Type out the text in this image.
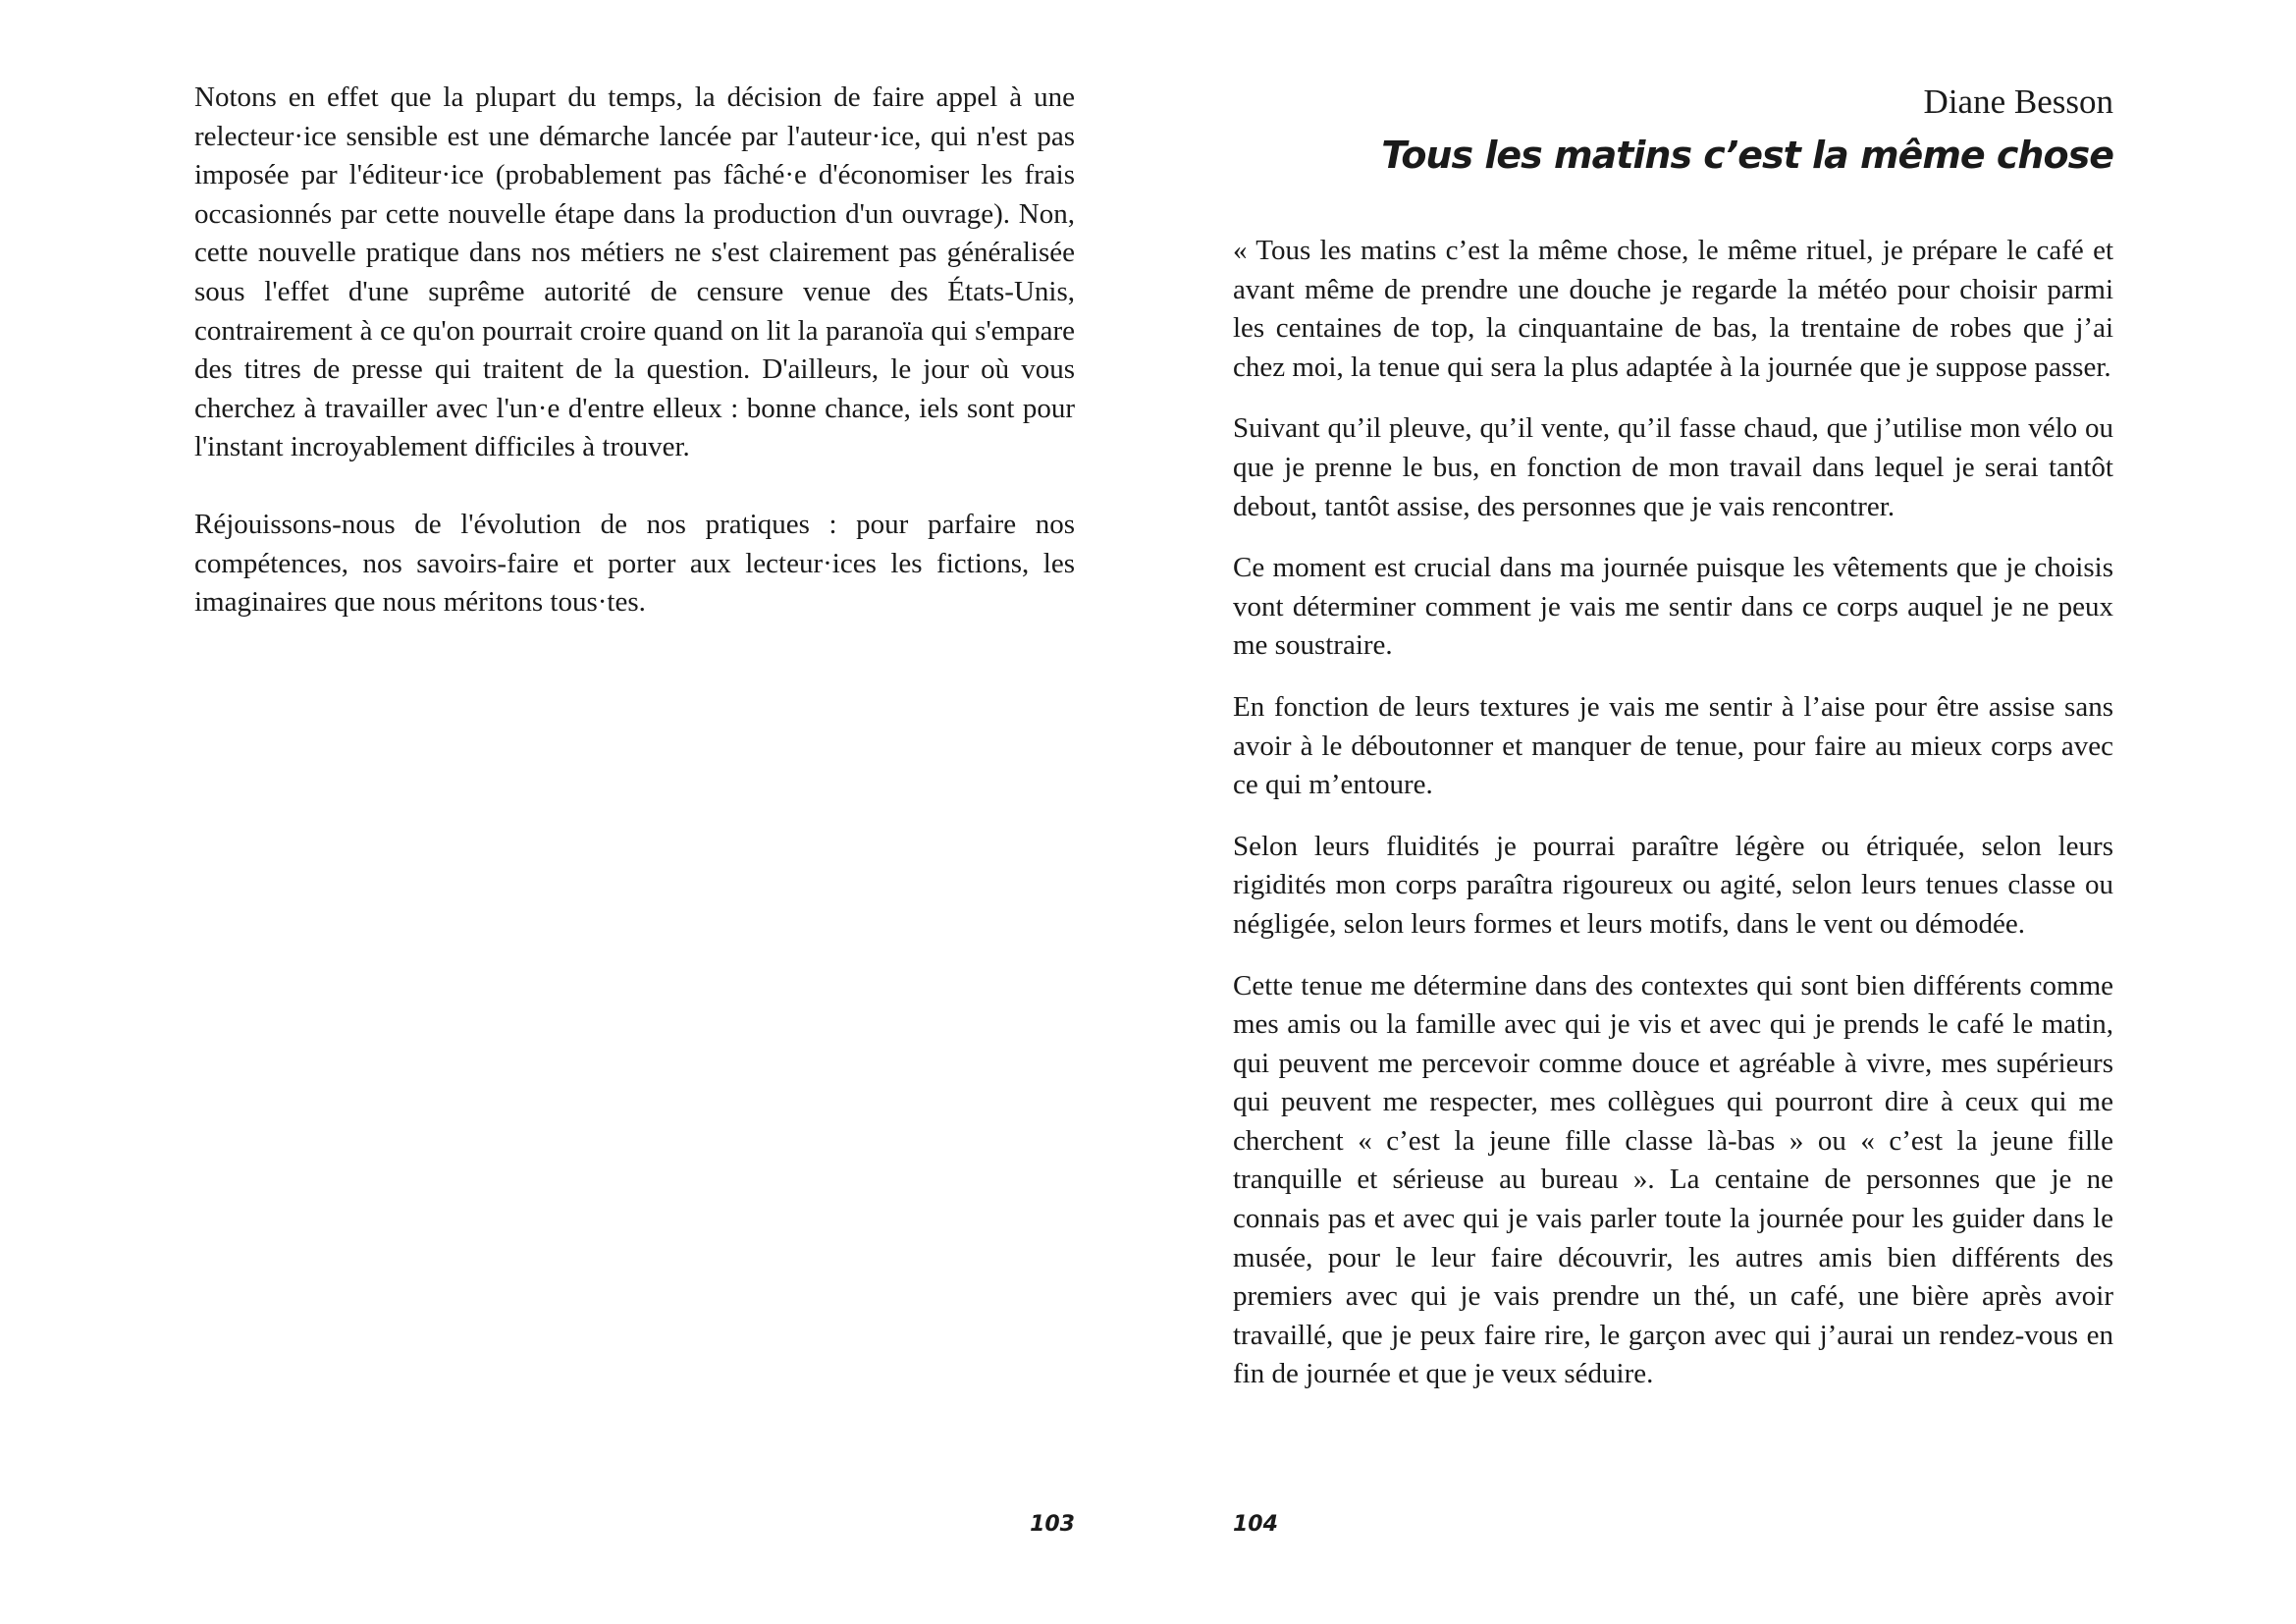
Notons en effet que la plupart du temps, la décision de faire appel à une relecteur·ice sensible est une démarche lancée par l'auteur·ice, qui n'est pas imposée par l'éditeur·ice (probablement pas fâché·e d'économiser les frais occasionnés par cette nouvelle étape dans la production d'un ouvrage). Non, cette nouvelle pratique dans nos métiers ne s'est clairement pas généralisée sous l'effet d'une suprême autorité de censure venue des États-Unis, contrairement à ce qu'on pourrait croire quand on lit la paranoïa qui s'empare des titres de presse qui traitent de la question. D'ailleurs, le jour où vous cherchez à travailler avec l'un·e d'entre elleux : bonne chance, iels sont pour l'instant incroyablement difficiles à trouver.

Réjouissons-nous de l'évolution de nos pratiques : pour parfaire nos compétences, nos savoirs-faire et porter aux lecteur·ices les fictions, les imaginaires que nous méritons tous·tes.

103
Diane Besson
Tous les matins c’est la même chose

« Tous les matins c’est la même chose, le même rituel, je prépare le café et avant même de prendre une douche je regarde la météo pour choisir parmi les centaines de top, la cinquantaine de bas, la trentaine de robes que j’ai chez moi, la tenue qui sera la plus adaptée à la journée que je suppose passer.

Suivant qu’il pleuve, qu’il vente, qu’il fasse chaud, que j’utilise mon vélo ou que je prenne le bus, en fonction de mon travail dans lequel je serai tantôt debout, tantôt assise, des personnes que je vais rencontrer.

Ce moment est crucial dans ma journée puisque les vêtements que je choisis vont déterminer comment je vais me sentir dans ce corps auquel je ne peux me soustraire.

En fonction de leurs textures je vais me sentir à l’aise pour être assise sans avoir à le déboutonner et manquer de tenue, pour faire au mieux corps avec ce qui m’entoure.

Selon leurs fluidités je pourrai paraître légère ou étriquée, selon leurs rigidités mon corps paraîtra rigoureux ou agité, selon leurs tenues classe ou négligée, selon leurs formes et leurs motifs, dans le vent ou démodée.

Cette tenue me détermine dans des contextes qui sont bien différents comme mes amis ou la famille avec qui je vis et avec qui je prends le café le matin, qui peuvent me percevoir comme douce et agréable à vivre, mes supérieurs qui peuvent me respecter, mes collègues qui pourront dire à ceux qui me cherchent « c’est la jeune fille classe là-bas » ou « c’est la jeune fille tranquille et sérieuse au bureau ». La centaine de personnes que je ne connais pas et avec qui je vais parler toute la journée pour les guider dans le musée, pour le leur faire découvrir, les autres amis bien différents des premiers avec qui je vais prendre un thé, un café, une bière après avoir travaillé, que je peux faire rire, le garçon avec qui j’aurai un rendez-vous en fin de journée et que je veux séduire.

104
